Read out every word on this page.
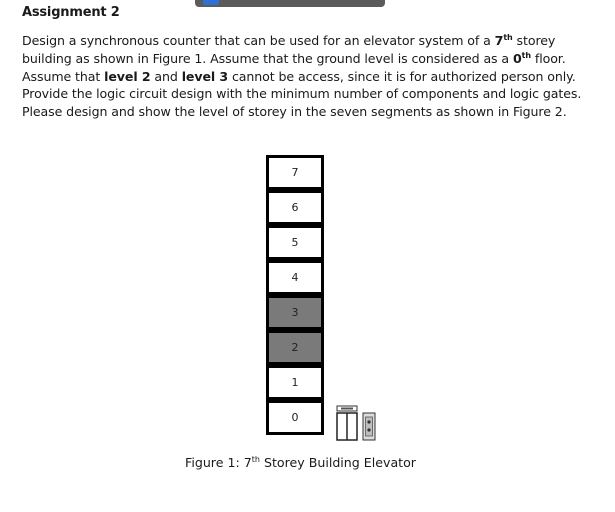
Assignment 2
Design a synchronous counter that can be used for an elevator system of a 7th storey
building as shown in Figure 1. Assume that the ground level is considered as a 0th floor.
Assume that level 2 and level 3 cannot be access, since it is for authorized person only.
Provide the logic circuit design with the minimum number of components and logic gates.
Please design and show the level of storey in the seven segments as shown in Figure 2.
7
6
5
4
3
2
1
0
Figure 1: 7th Storey Building Elevator
